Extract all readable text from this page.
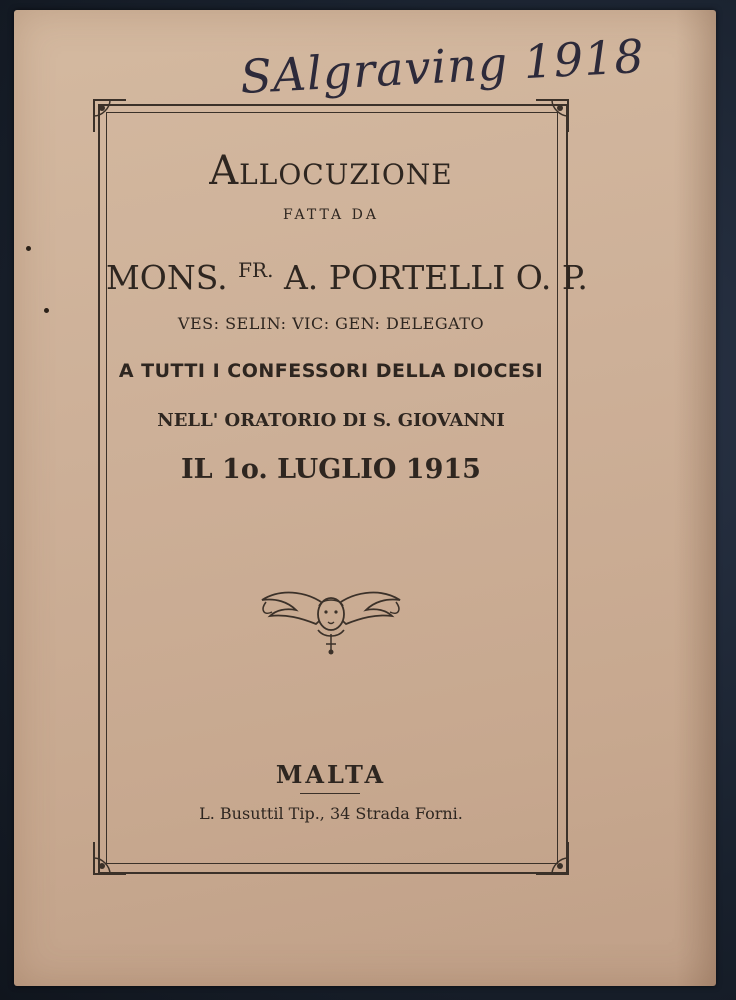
SAlgraving 1918
Allocuzione
FATTA DA
MONS. $^{FR.}$ A. PORTELLI O. P.
VES: SELIN: VIC: GEN: DELEGATO
A TUTTI I CONFESSORI DELLA DIOCESI
NELL' ORATORIO DI S. GIOVANNI
IL 1o. LUGLIO 1915
MALTA
L. Busuttil Tip., 34 Strada Forni.
